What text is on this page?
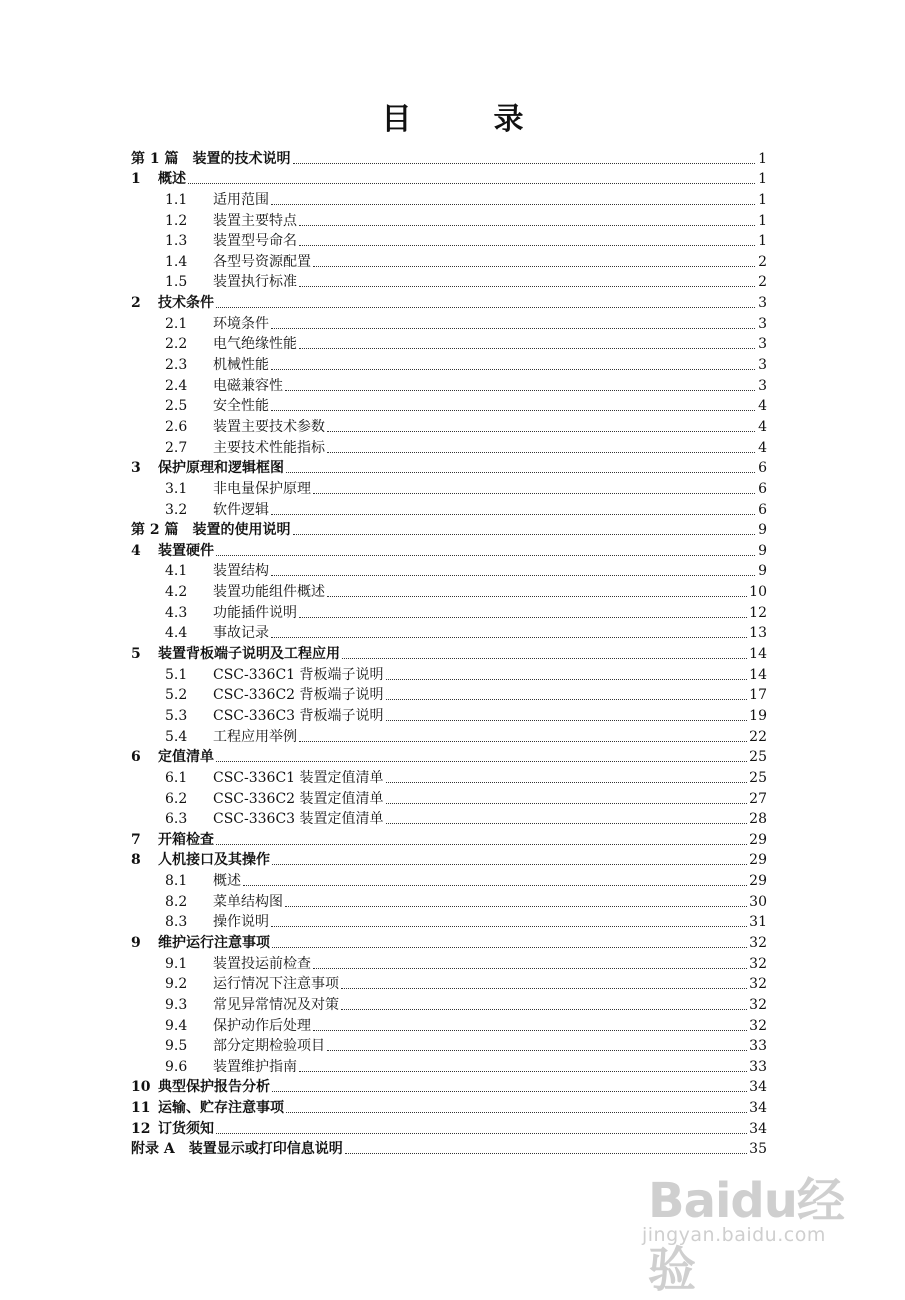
目　录
第 1 篇	装置的技术说明	1
1	概述	1
1.1	适用范围	1
1.2	装置主要特点	1
1.3	装置型号命名	1
1.4	各型号资源配置	2
1.5	装置执行标准	2
2	技术条件	3
2.1	环境条件	3
2.2	电气绝缘性能	3
2.3	机械性能	3
2.4	电磁兼容性	3
2.5	安全性能	4
2.6	装置主要技术参数	4
2.7	主要技术性能指标	4
3	保护原理和逻辑框图	6
3.1	非电量保护原理	6
3.2	软件逻辑	6
第 2 篇	装置的使用说明	9
4	装置硬件	9
4.1	装置结构	9
4.2	装置功能组件概述	10
4.3	功能插件说明	12
4.4	事故记录	13
5	装置背板端子说明及工程应用	14
5.1	CSC-336C1 背板端子说明	14
5.2	CSC-336C2 背板端子说明	17
5.3	CSC-336C3 背板端子说明	19
5.4	工程应用举例	22
6	定值清单	25
6.1	CSC-336C1 装置定值清单	25
6.2	CSC-336C2 装置定值清单	27
6.3	CSC-336C3 装置定值清单	28
7	开箱检查	29
8	人机接口及其操作	29
8.1	概述	29
8.2	菜单结构图	30
8.3	操作说明	31
9	维护运行注意事项	32
9.1	装置投运前检查	32
9.2	运行情况下注意事项	32
9.3	常见异常情况及对策	32
9.4	保护动作后处理	32
9.5	部分定期检验项目	33
9.6	装置维护指南	33
10 典型保护报告分析	34
11 运输、贮存注意事项	34
12 订货须知	34
附录 A	装置显示或打印信息说明	35
Baidu经验
jingyan.baidu.com
